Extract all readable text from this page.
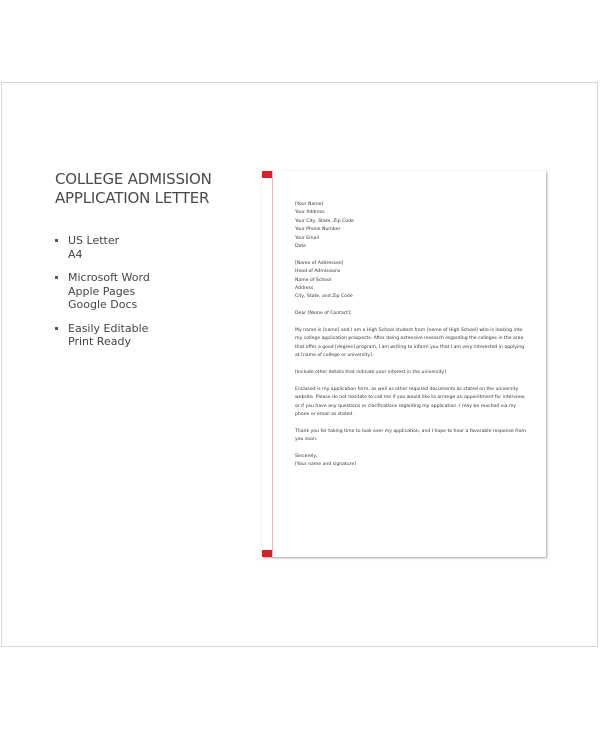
COLLEGE ADMISSION
APPLICATION LETTER
US Letter
A4
Microsoft Word
Apple Pages
Google Docs
Easily Editable
Print Ready

[Your Name]
Your Address
Your City, State, Zip Code
Your Phone Number
Your Email
Date

[Name of Addressee]
Head of Admissions
Name of School
Address
City, State, and Zip Code

Dear [Name of Contact];

My name is [name] and I am a High School student from [name of High School] who is looking into
my college application prospects. After doing extensive research regarding the colleges in the area
that offer a good [degree] program, I am writing to inform you that I am very interested in applying
at [name of college or university].

[Include other details that indicate your interest in the university]

Enclosed is my application form, as well as other required documents as stated on the university
website. Please do not hesitate to call me if you would like to arrange an appointment for interview,
or if you have any questions or clarifications regarding my application. I may be reached via my
phone or email as stated.

Thank you for taking time to look over my application, and I hope to hear a favorable response from
you soon.

Sincerely,
[Your name and signature]
